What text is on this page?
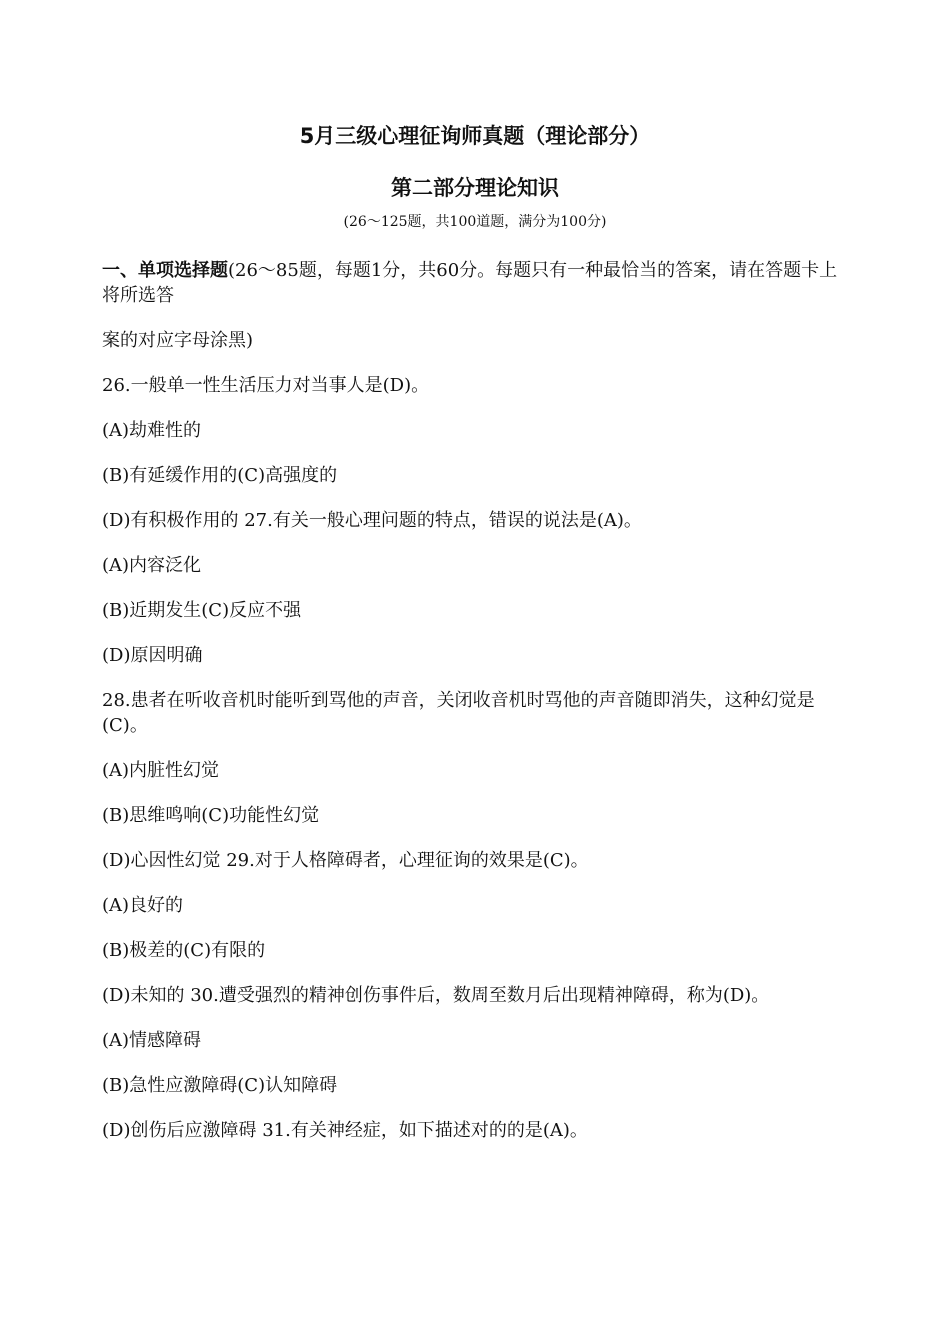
5月三级心理征询师真题（理论部分）
第二部分理论知识

(26～125题，共100道题，满分为100分)

一、单项选择题(26～85题，每题1分，共60分。每题只有一种最恰当的答案，请在答题卡上将所选答

案的对应字母涂黑)

26.一般单一性生活压力对当事人是(D)。

(A)劫难性的

(B)有延缓作用的(C)高强度的

(D)有积极作用的 27.有关一般心理问题的特点，错误的说法是(A)。

(A)内容泛化

(B)近期发生(C)反应不强

(D)原因明确

28.患者在听收音机时能听到骂他的声音，关闭收音机时骂他的声音随即消失，这种幻觉是(C)。

(A)内脏性幻觉

(B)思维鸣响(C)功能性幻觉

(D)心因性幻觉 29.对于人格障碍者，心理征询的效果是(C)。

(A)良好的

(B)极差的(C)有限的

(D)未知的 30.遭受强烈的精神创伤事件后，数周至数月后出现精神障碍，称为(D)。

(A)情感障碍

(B)急性应激障碍(C)认知障碍

(D)创伤后应激障碍 31.有关神经症，如下描述对的的是(A)。
